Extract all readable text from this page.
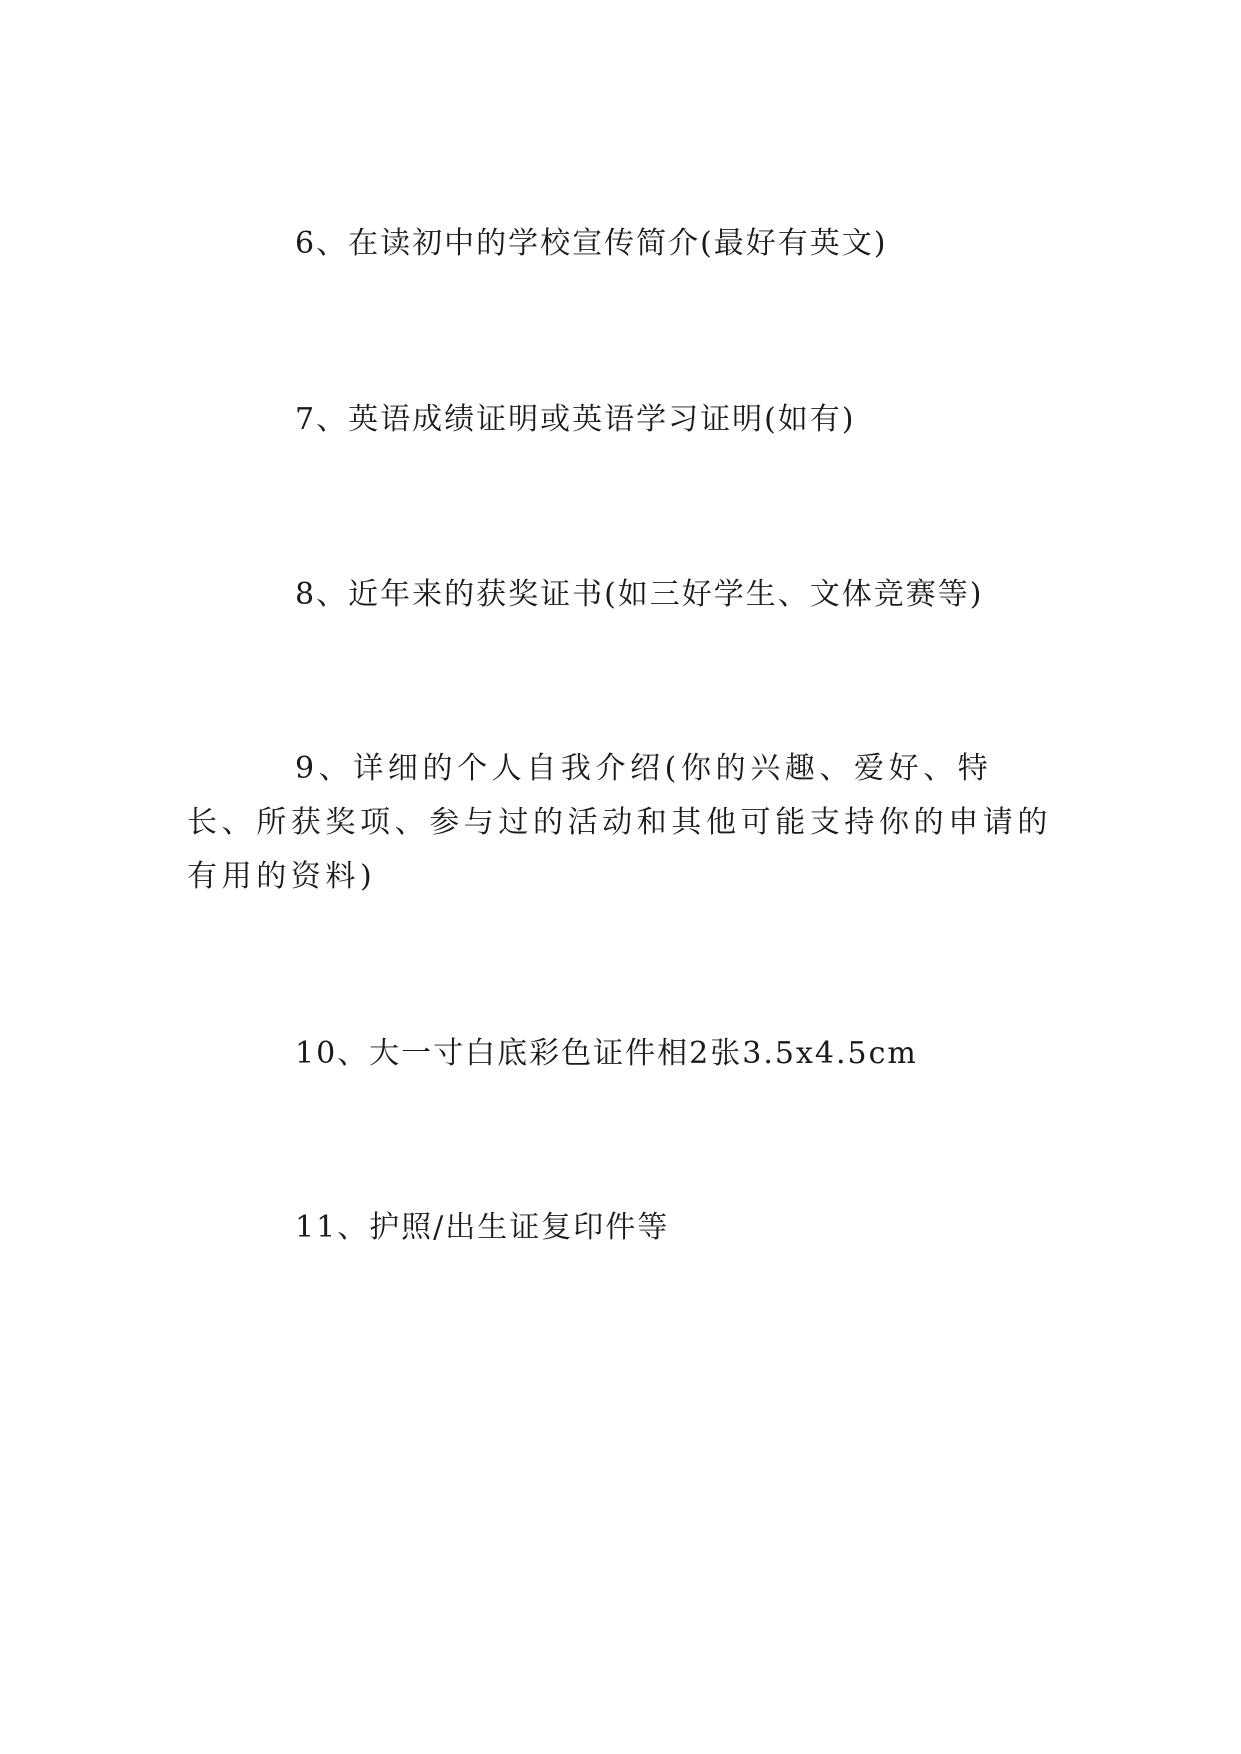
6、在读初中的学校宣传简介(最好有英文)

7、英语成绩证明或英语学习证明(如有)

8、近年来的获奖证书(如三好学生、文体竞赛等)

9、详细的个人自我介绍(你的兴趣、爱好、特长、所获奖项、参与过的活动和其他可能支持你的申请的有用的资料)

10、大一寸白底彩色证件相2张3.5x4.5cm

11、护照/出生证复印件等
